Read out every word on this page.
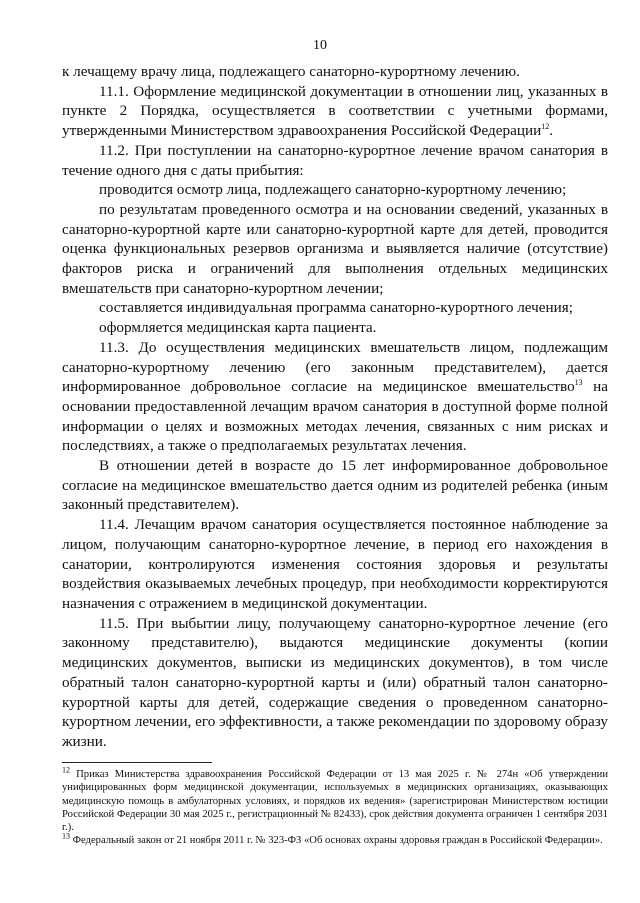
10

к лечащему врачу лица, подлежащего санаторно-курортному лечению.

11.1. Оформление медицинской документации в отношении лиц, указанных в пункте 2 Порядка, осуществляется в соответствии с учетными формами, утвержденными Министерством здравоохранения Российской Федерации$^{12}$.

11.2. При поступлении на санаторно-курортное лечение врачом санатория в течение одного дня с даты прибытия:

проводится осмотр лица, подлежащего санаторно-курортному лечению;

по результатам проведенного осмотра и на основании сведений, указанных в санаторно-курортной карте или санаторно-курортной карте для детей, проводится оценка функциональных резервов организма и выявляется наличие (отсутствие) факторов риска и ограничений для выполнения отдельных медицинских вмешательств при санаторно-курортном лечении;

составляется индивидуальная программа санаторно-курортного лечения;

оформляется медицинская карта пациента.

11.3. До осуществления медицинских вмешательств лицом, подлежащим санаторно-курортному лечению (его законным представителем), дается информированное добровольное согласие на медицинское вмешательство$^{13}$ на основании предоставленной лечащим врачом санатория в доступной форме полной информации о целях и возможных методах лечения, связанных с ним рисках и последствиях, а также о предполагаемых результатах лечения.

В отношении детей в возрасте до 15 лет информированное добровольное согласие на медицинское вмешательство дается одним из родителей ребенка (иным законный представителем).

11.4. Лечащим врачом санатория осуществляется постоянное наблюдение за лицом, получающим санаторно-курортное лечение, в период его нахождения в санатории, контролируются изменения состояния здоровья и результаты воздействия оказываемых лечебных процедур, при необходимости корректируются назначения с отражением в медицинской документации.

11.5. При выбытии лицу, получающему санаторно-курортное лечение (его законному представителю), выдаются медицинские документы (копии медицинских документов, выписки из медицинских документов), в том числе обратный талон санаторно-курортной карты и (или) обратный талон санаторно-курортной карты для детей, содержащие сведения о проведенном санаторно-курортном лечении, его эффективности, а также рекомендации по здоровому образу жизни.

$^{12}$ Приказ Министерства здравоохранения Российской Федерации от 13 мая 2025 г. № 274н «Об утверждении унифицированных форм медицинской документации, используемых в медицинских организациях, оказывающих медицинскую помощь в амбулаторных условиях, и порядков их ведения» (зарегистрирован Министерством юстиции Российской Федерации 30 мая 2025 г., регистрационный № 82433), срок действия документа ограничен 1 сентября 2031 г.).

$^{13}$ Федеральный закон от 21 ноября 2011 г. № 323-ФЗ «Об основах охраны здоровья граждан в Российской Федерации».
